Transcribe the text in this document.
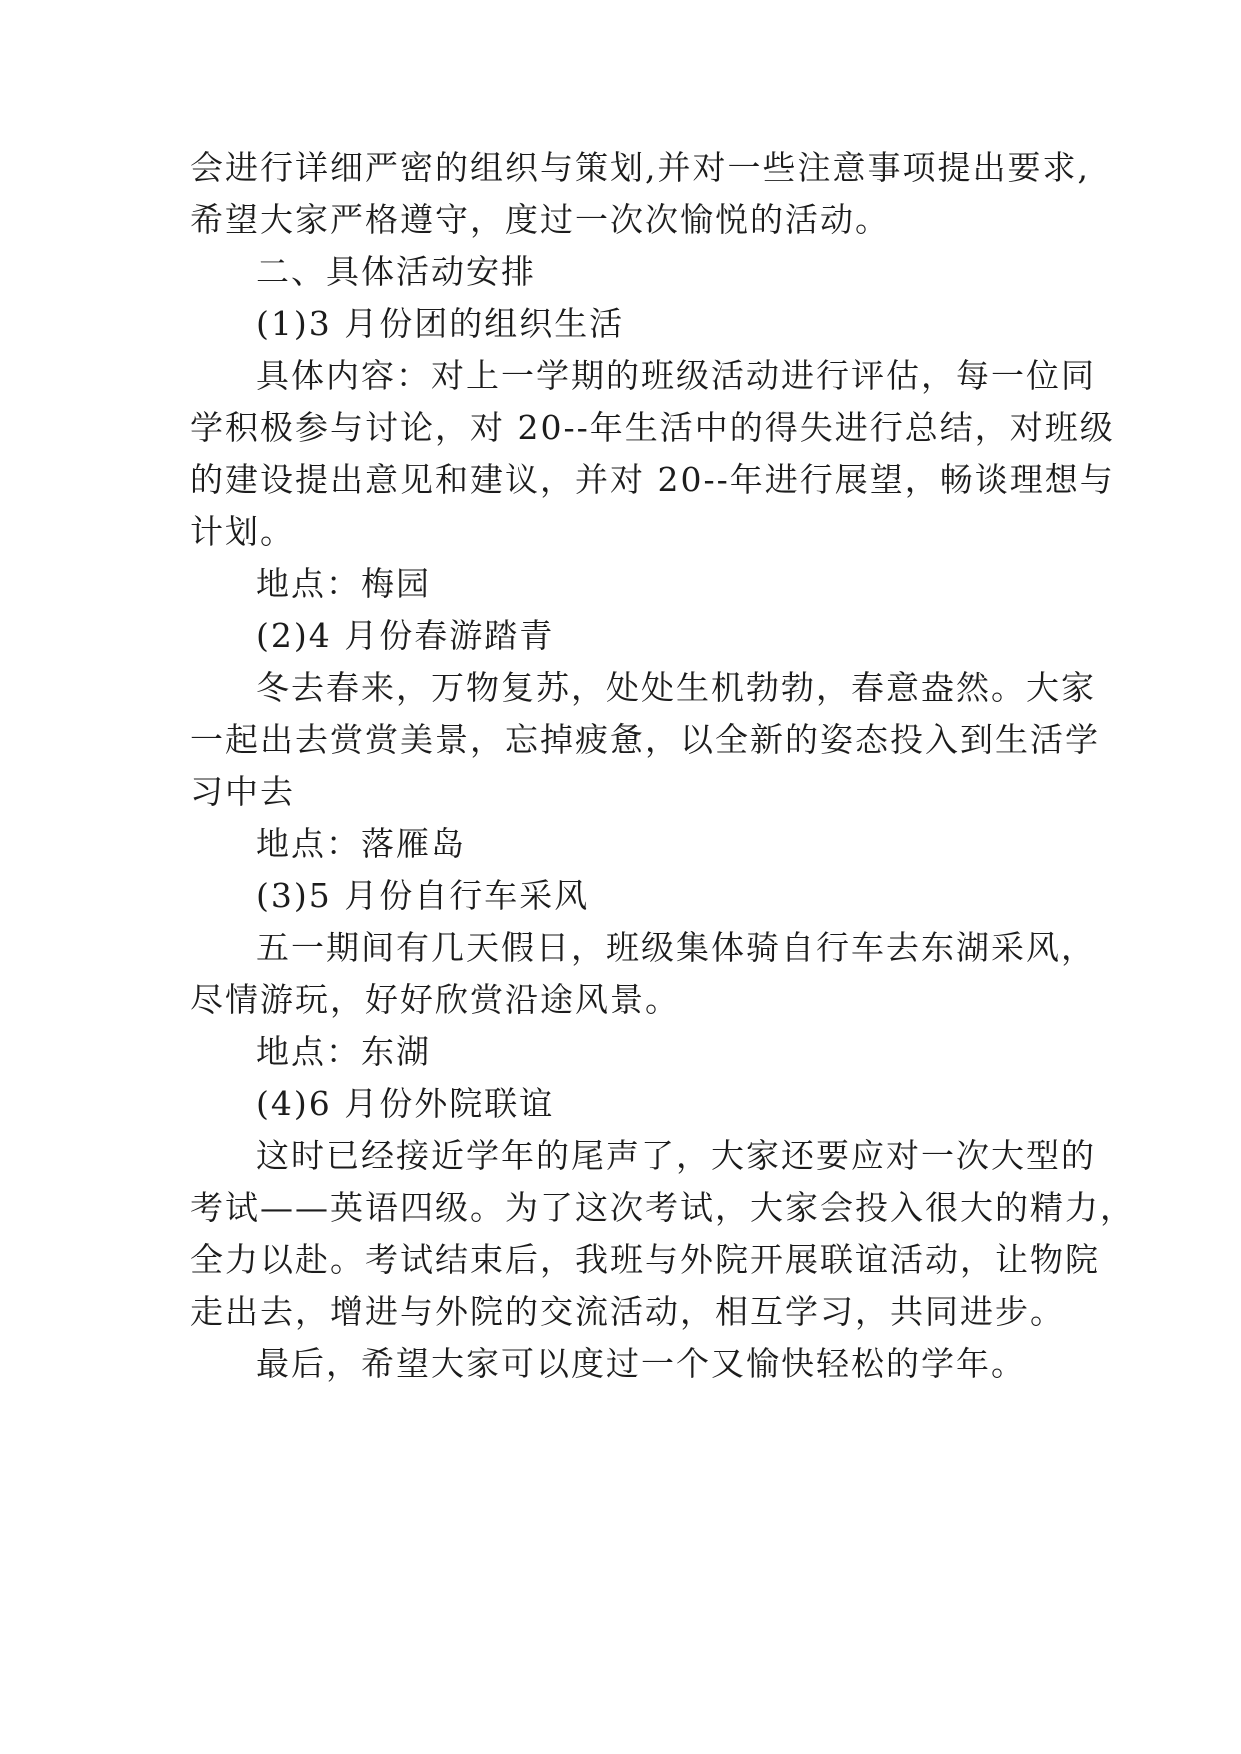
会进行详细严密的组织与策划,并对一些注意事项提出要求,
希望大家严格遵守，度过一次次愉悦的活动。
二、具体活动安排
(1)3 月份团的组织生活
具体内容：对上一学期的班级活动进行评估，每一位同
学积极参与讨论，对 20--年生活中的得失进行总结，对班级
的建设提出意见和建议，并对 20--年进行展望，畅谈理想与
计划。
地点：梅园
(2)4 月份春游踏青
冬去春来，万物复苏，处处生机勃勃，春意盎然。大家
一起出去赏赏美景，忘掉疲惫，以全新的姿态投入到生活学
习中去
地点：落雁岛
(3)5 月份自行车采风
五一期间有几天假日，班级集体骑自行车去东湖采风，
尽情游玩，好好欣赏沿途风景。
地点：东湖
(4)6 月份外院联谊
这时已经接近学年的尾声了，大家还要应对一次大型的
考试——英语四级。为了这次考试，大家会投入很大的精力，
全力以赴。考试结束后，我班与外院开展联谊活动，让物院
走出去，增进与外院的交流活动，相互学习，共同进步。
最后，希望大家可以度过一个又愉快轻松的学年。
